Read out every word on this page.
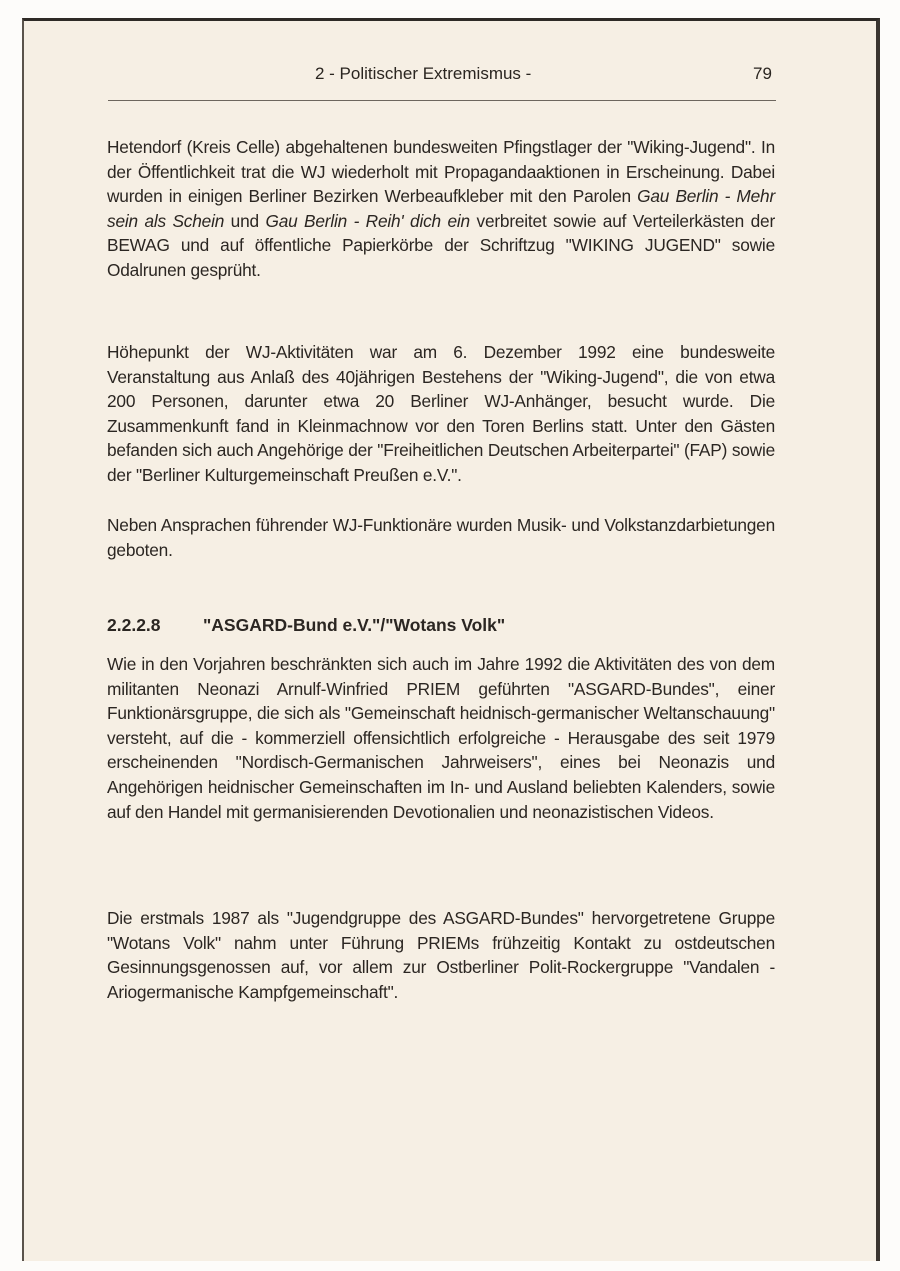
2 - Politischer Extremismus -	79
Hetendorf (Kreis Celle) abgehaltenen bundesweiten Pfingstlager der "Wiking-Jugend". In der Öffentlichkeit trat die WJ wiederholt mit Propagandaaktionen in Erscheinung. Dabei wurden in einigen Berliner Bezirken Werbeaufkleber mit den Parolen Gau Berlin - Mehr sein als Schein und Gau Berlin - Reih' dich ein verbreitet sowie auf Verteilerkästen der BEWAG und auf öffentliche Papierkörbe der Schriftzug "WIKING JUGEND" sowie Odalrunen gesprüht.
Höhepunkt der WJ-Aktivitäten war am 6. Dezember 1992 eine bundesweite Veranstaltung aus Anlaß des 40jährigen Bestehens der "Wiking-Jugend", die von etwa 200 Personen, darunter etwa 20 Berliner WJ-Anhänger, besucht wurde. Die Zusammenkunft fand in Kleinmachnow vor den Toren Berlins statt. Unter den Gästen befanden sich auch Angehörige der "Freiheitlichen Deutschen Arbeiterpartei" (FAP) sowie der "Berliner Kulturgemeinschaft Preußen e.V.".
Neben Ansprachen führender WJ-Funktionäre wurden Musik- und Volkstanzdarbietungen geboten.
2.2.2.8 "ASGARD-Bund e.V."/"Wotans Volk"
Wie in den Vorjahren beschränkten sich auch im Jahre 1992 die Aktivitäten des von dem militanten Neonazi Arnulf-Winfried PRIEM geführten "ASGARD-Bundes", einer Funktionärsgruppe, die sich als "Gemeinschaft heidnisch-germanischer Weltanschauung" versteht, auf die - kommerziell offensichtlich erfolgreiche - Herausgabe des seit 1979 erscheinenden "Nordisch-Germanischen Jahrweisers", eines bei Neonazis und Angehörigen heidnischer Gemeinschaften im In- und Ausland beliebten Kalenders, sowie auf den Handel mit germanisierenden Devotionalien und neonazistischen Videos.
Die erstmals 1987 als "Jugendgruppe des ASGARD-Bundes" hervorgetretene Gruppe "Wotans Volk" nahm unter Führung PRIEMs frühzeitig Kontakt zu ostdeutschen Gesinnungsgenossen auf, vor allem zur Ostberliner Polit-Rockergruppe "Vandalen - Ariogermanische Kampfgemeinschaft".
